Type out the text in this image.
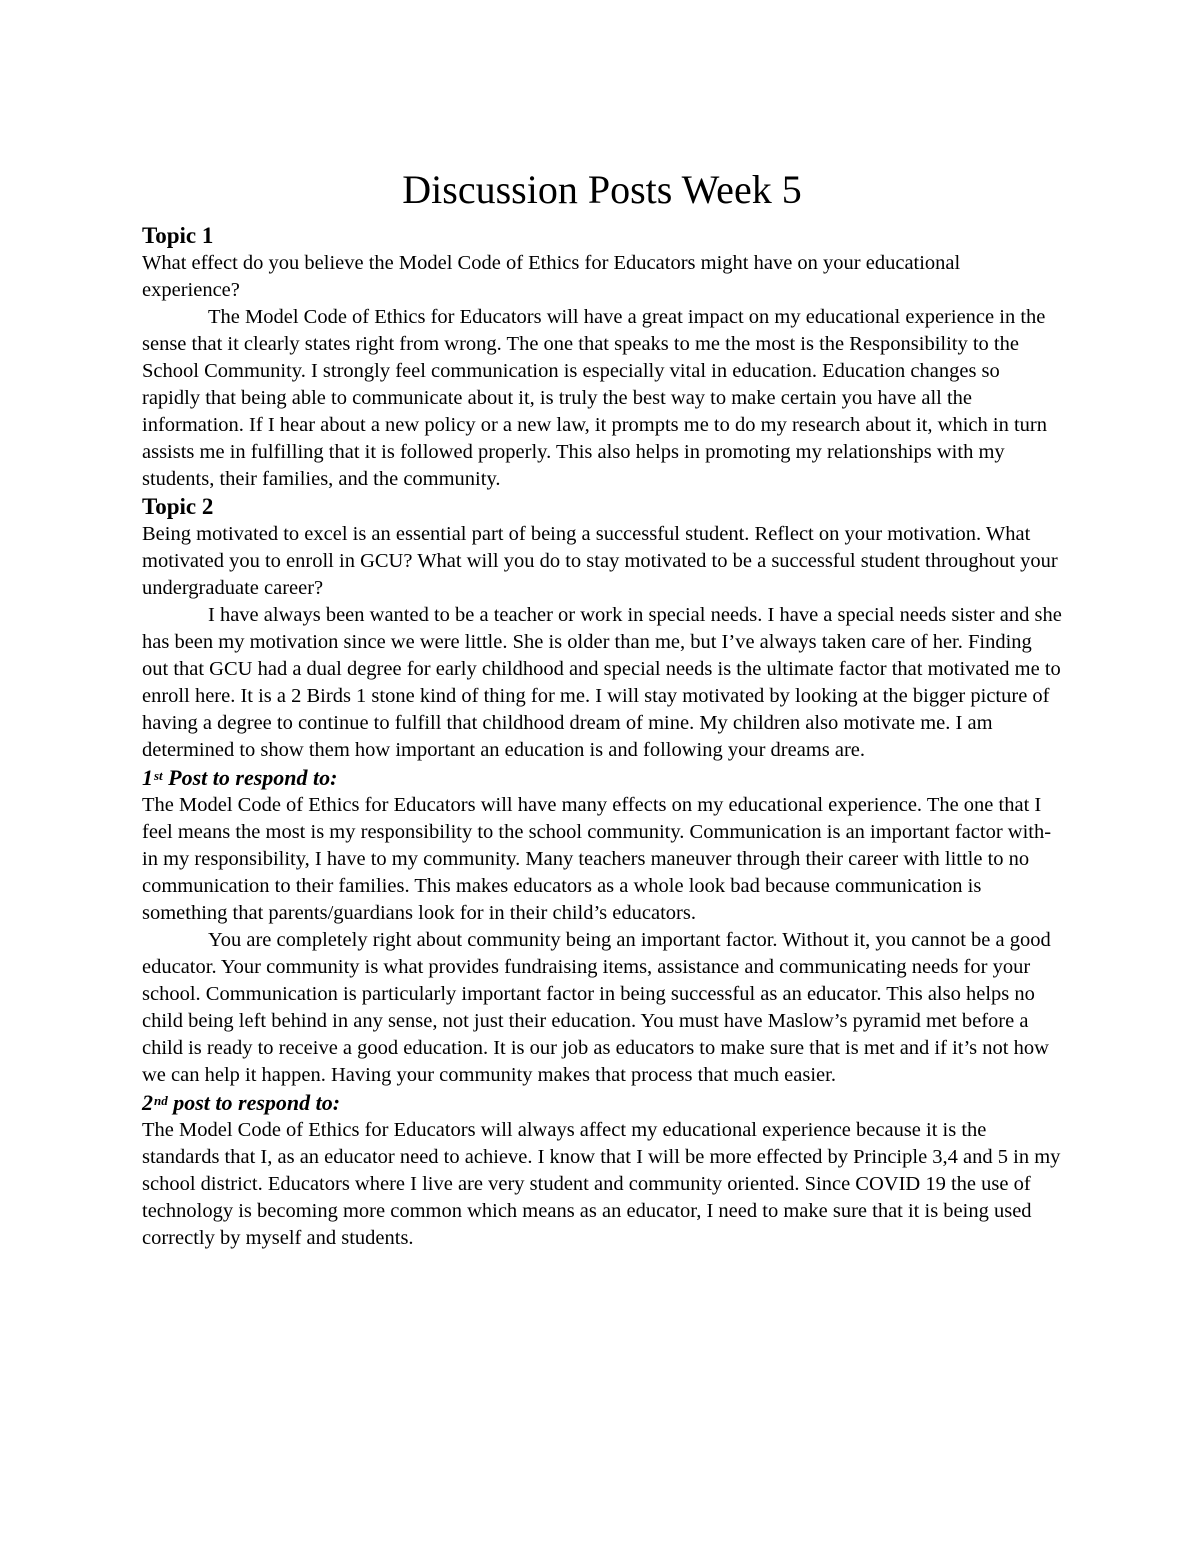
Discussion Posts Week 5
Topic 1

What effect do you believe the Model Code of Ethics for Educators might have on your educational experience?

The Model Code of Ethics for Educators will have a great impact on my educational experience in the sense that it clearly states right from wrong. The one that speaks to me the most is the Responsibility to the School Community. I strongly feel communication is especially vital in education. Education changes so rapidly that being able to communicate about it, is truly the best way to make certain you have all the information. If I hear about a new policy or a new law, it prompts me to do my research about it, which in turn assists me in fulfilling that it is followed properly. This also helps in promoting my relationships with my students, their families, and the community.

Topic 2

Being motivated to excel is an essential part of being a successful student. Reflect on your motivation. What motivated you to enroll in GCU? What will you do to stay motivated to be a successful student throughout your undergraduate career?

I have always been wanted to be a teacher or work in special needs. I have a special needs sister and she has been my motivation since we were little. She is older than me, but I’ve always taken care of her. Finding out that GCU had a dual degree for early childhood and special needs is the ultimate factor that motivated me to enroll here. It is a 2 Birds 1 stone kind of thing for me. I will stay motivated by looking at the bigger picture of having a degree to continue to fulfill that childhood dream of mine. My children also motivate me. I am determined to show them how important an education is and following your dreams are.

1st Post to respond to:

The Model Code of Ethics for Educators will have many effects on my educational experience. The one that I feel means the most is my responsibility to the school community. Communication is an important factor with-in my responsibility, I have to my community. Many teachers maneuver through their career with little to no communication to their families. This makes educators as a whole look bad because communication is something that parents/guardians look for in their child’s educators.

You are completely right about community being an important factor. Without it, you cannot be a good educator. Your community is what provides fundraising items, assistance and communicating needs for your school. Communication is particularly important factor in being successful as an educator. This also helps no child being left behind in any sense, not just their education. You must have Maslow’s pyramid met before a child is ready to receive a good education. It is our job as educators to make sure that is met and if it’s not how we can help it happen. Having your community makes that process that much easier.

2nd post to respond to:

The Model Code of Ethics for Educators will always affect my educational experience because it is the standards that I, as an educator need to achieve. I know that I will be more effected by Principle 3,4 and 5 in my school district. Educators where I live are very student and community oriented. Since COVID 19 the use of technology is becoming more common which means as an educator, I need to make sure that it is being used correctly by myself and students.
